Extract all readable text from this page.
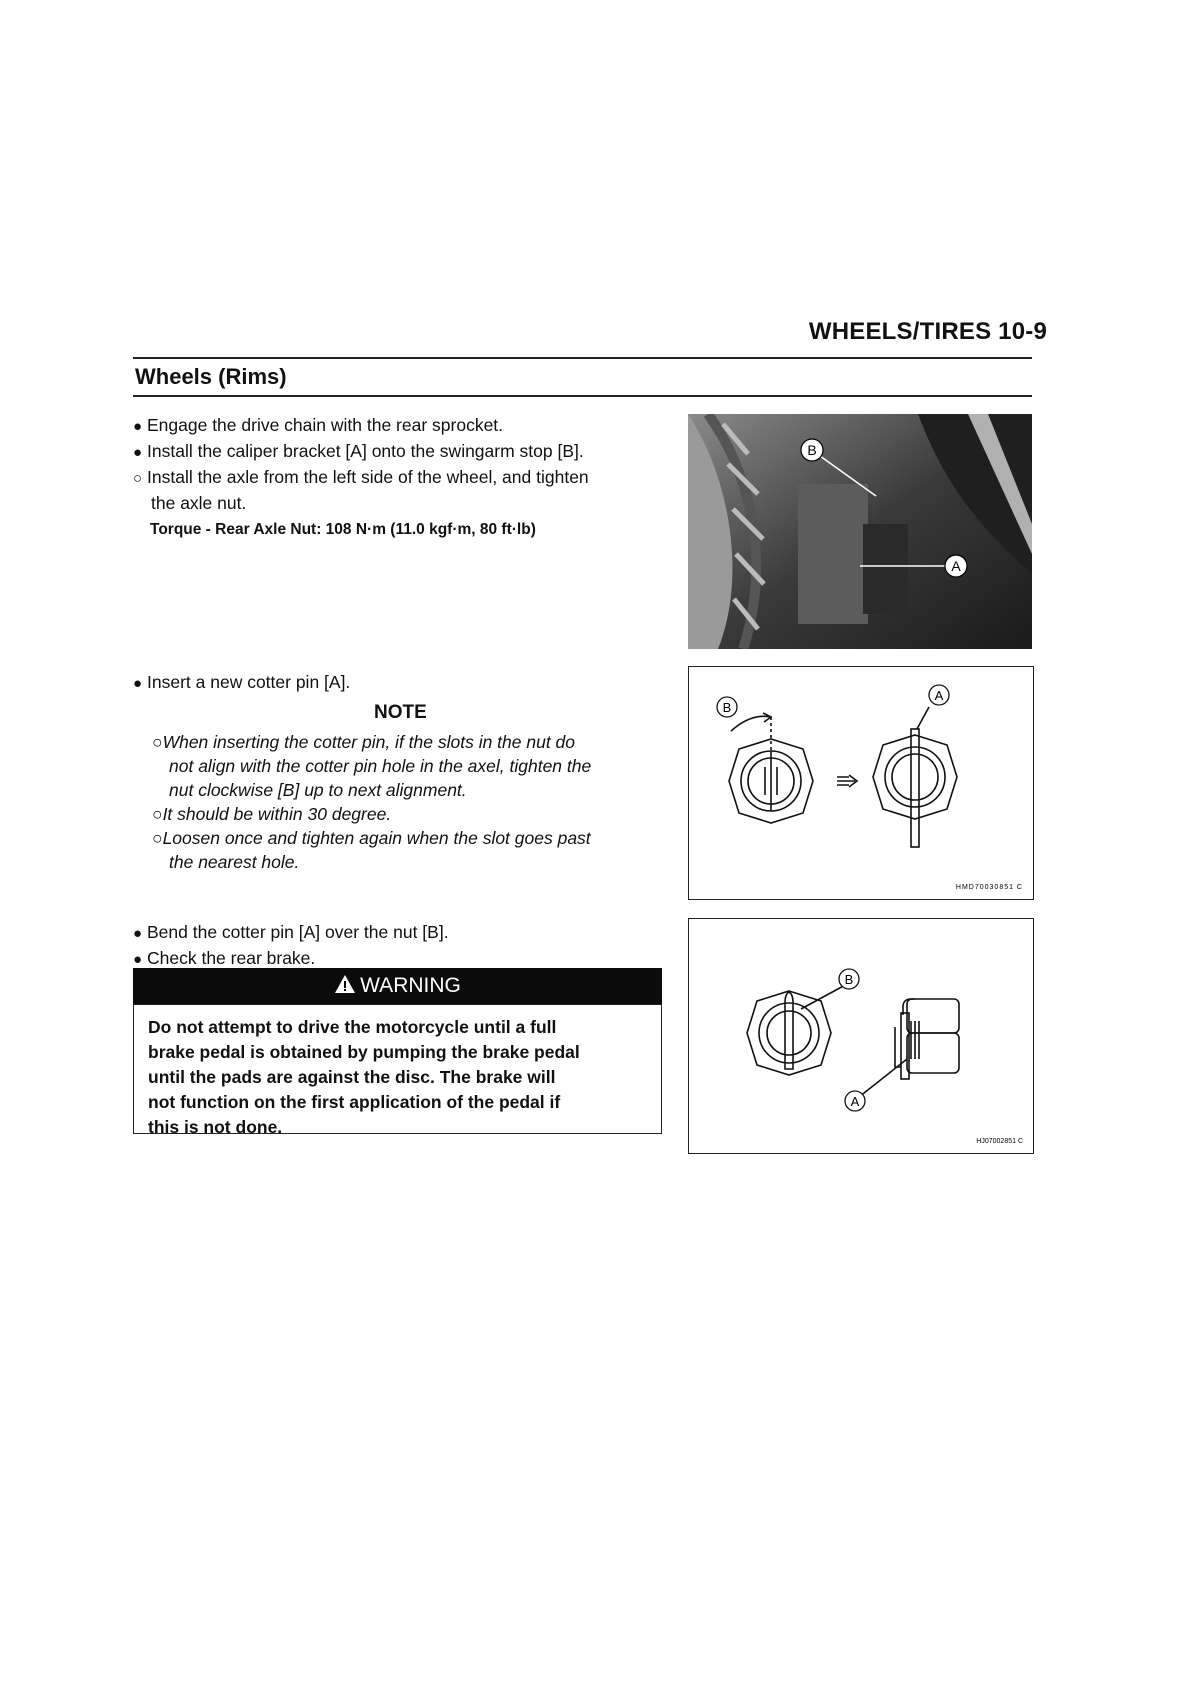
WHEELS/TIRES 10-9
Wheels (Rims)
● Engage the drive chain with the rear sprocket.
● Install the caliper bracket [A] onto the swingarm stop [B].
○ Install the axle from the left side of the wheel, and tighten
the axle nut.
Torque - Rear Axle Nut: 108 N·m (11.0 kgf·m, 80 ft·lb)
B
A
● Insert a new cotter pin [A].
NOTE
○When inserting the cotter pin, if the slots in the nut do
not align with the cotter pin hole in the axel, tighten the
nut clockwise [B] up to next alignment.
○It should be within 30 degree.
○Loosen once and tighten again when the slot goes past
the nearest hole.
B
A
HMD70030851 C
● Bend the cotter pin [A] over the nut [B].
● Check the rear brake.
WARNING
Do not attempt to drive the motorcycle until a full
brake pedal is obtained by pumping the brake pedal
until the pads are against the disc. The brake will
not function on the first application of the pedal if
this is not done.
B
A
HJ07002851 C
